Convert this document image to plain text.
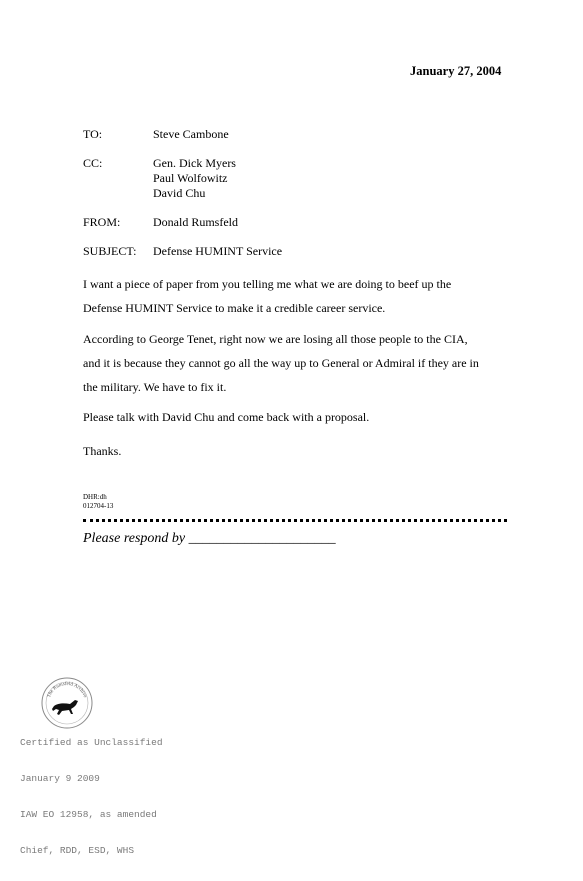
January 27, 2004
TO:	Steve Cambone
CC:	Gen. Dick Myers
Paul Wolfowitz
David Chu
FROM:	Donald Rumsfeld
SUBJECT: Defense HUMINT Service
I want a piece of paper from you telling me what we are doing to beef up the
Defense HUMINT Service to make it a credible career service.
According to George Tenet, right now we are losing all those people to the CIA,
and it is because they cannot go all the way up to General or Admiral if they are in
the military. We have to fix it.
Please talk with David Chu and come back with a proposal.
Thanks.
DHR:dh
012704-13
Please respond by _____________________
The Rumsfeld Archive

Certified as Unclassified

January 9 2009

IAW EO 12958, as amended

Chief, RDD, ESD, WHS
